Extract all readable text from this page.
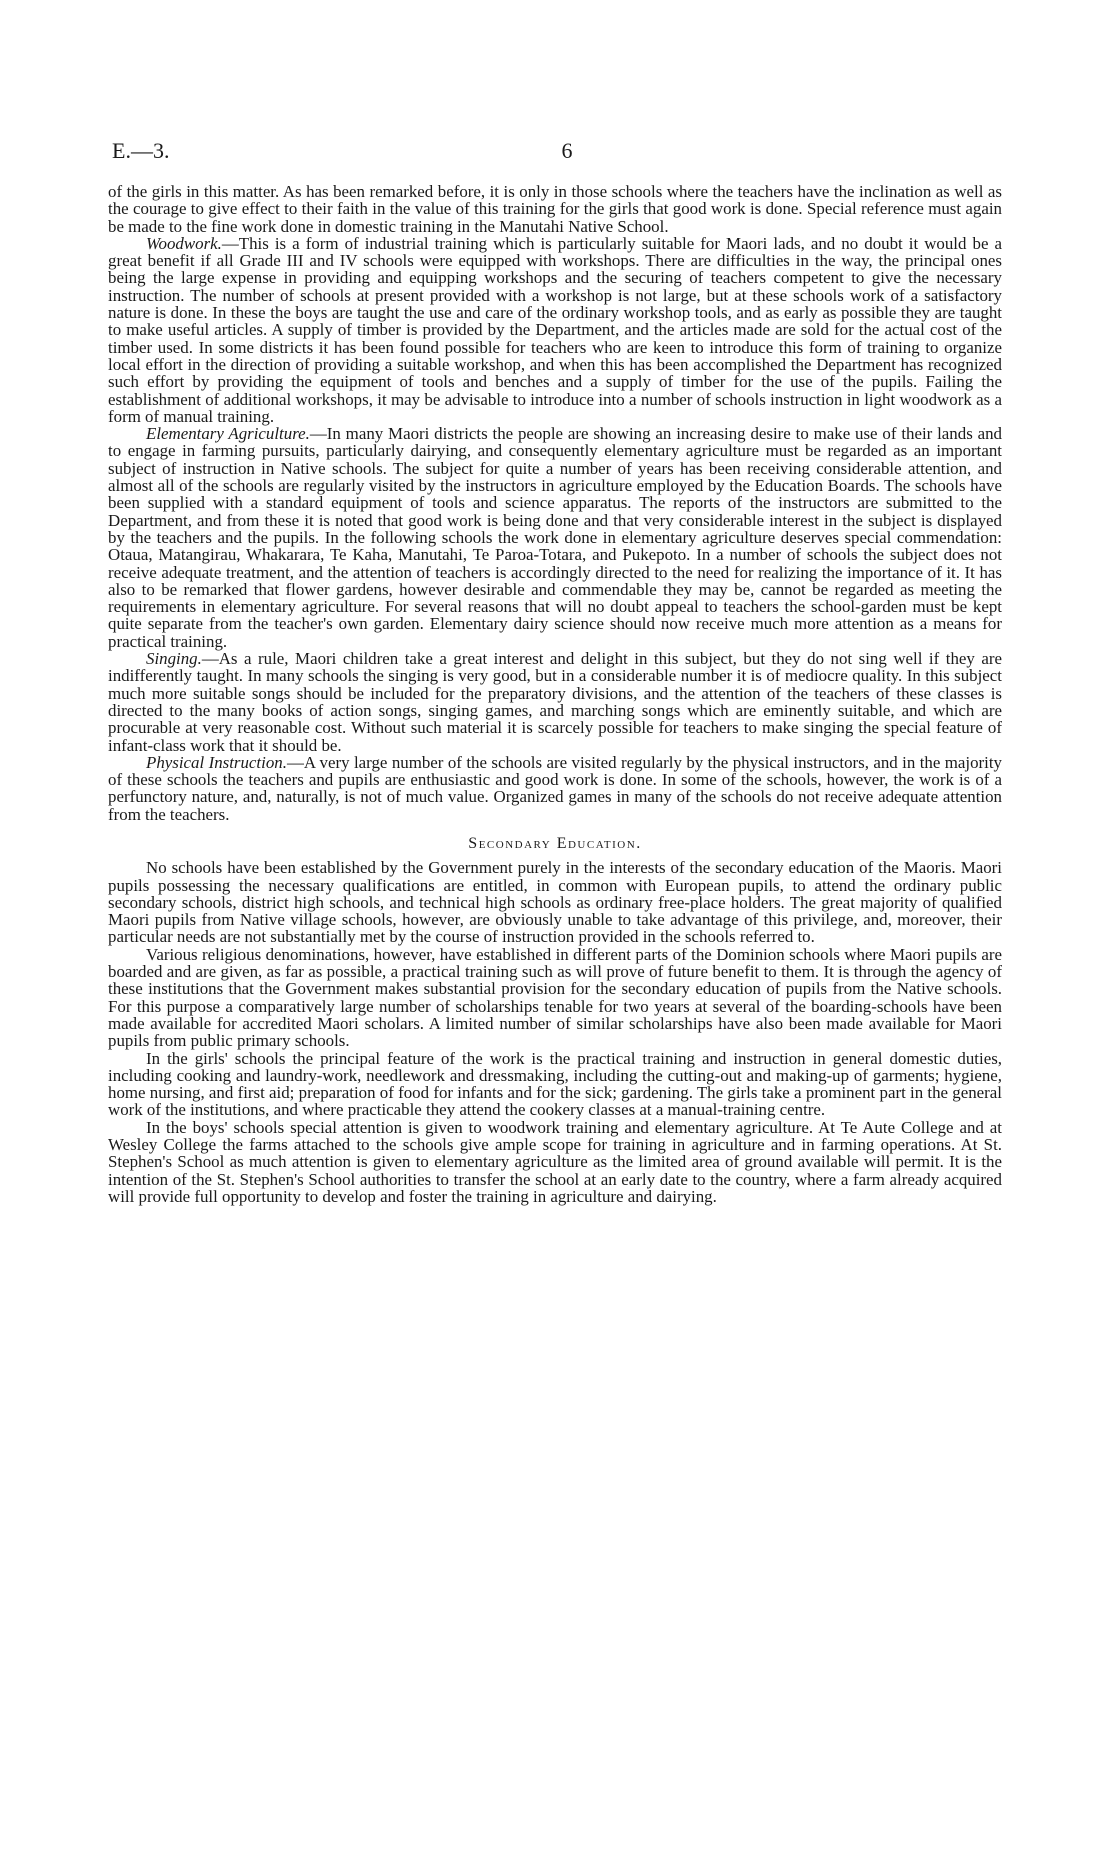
E.—3.	6

of the girls in this matter. As has been remarked before, it is only in those schools where the teachers have the inclination as well as the courage to give effect to their faith in the value of this training for the girls that good work is done. Special reference must again be made to the fine work done in domestic training in the Manutahi Native School.

Woodwork.—This is a form of industrial training which is particularly suitable for Maori lads, and no doubt it would be a great benefit if all Grade III and IV schools were equipped with workshops. There are difficulties in the way, the principal ones being the large expense in providing and equipping workshops and the securing of teachers competent to give the necessary instruction. The number of schools at present provided with a workshop is not large, but at these schools work of a satisfactory nature is done. In these the boys are taught the use and care of the ordinary workshop tools, and as early as possible they are taught to make useful articles. A supply of timber is provided by the Department, and the articles made are sold for the actual cost of the timber used. In some districts it has been found possible for teachers who are keen to introduce this form of training to organize local effort in the direction of providing a suitable workshop, and when this has been accomplished the Department has recognized such effort by providing the equipment of tools and benches and a supply of timber for the use of the pupils. Failing the establishment of additional workshops, it may be advisable to introduce into a number of schools instruction in light woodwork as a form of manual training.

Elementary Agriculture.—In many Maori districts the people are showing an increasing desire to make use of their lands and to engage in farming pursuits, particularly dairying, and consequently elementary agriculture must be regarded as an important subject of instruction in Native schools. The subject for quite a number of years has been receiving considerable attention, and almost all of the schools are regularly visited by the instructors in agriculture employed by the Education Boards. The schools have been supplied with a standard equipment of tools and science apparatus. The reports of the instructors are submitted to the Department, and from these it is noted that good work is being done and that very considerable interest in the subject is displayed by the teachers and the pupils. In the following schools the work done in elementary agriculture deserves special commendation: Otaua, Matangirau, Whakarara, Te Kaha, Manutahi, Te Paroa-Totara, and Pukepoto. In a number of schools the subject does not receive adequate treatment, and the attention of teachers is accordingly directed to the need for realizing the importance of it. It has also to be remarked that flower gardens, however desirable and commendable they may be, cannot be regarded as meeting the requirements in elementary agriculture. For several reasons that will no doubt appeal to teachers the school-garden must be kept quite separate from the teacher's own garden. Elementary dairy science should now receive much more attention as a means for practical training.

Singing.—As a rule, Maori children take a great interest and delight in this subject, but they do not sing well if they are indifferently taught. In many schools the singing is very good, but in a considerable number it is of mediocre quality. In this subject much more suitable songs should be included for the preparatory divisions, and the attention of the teachers of these classes is directed to the many books of action songs, singing games, and marching songs which are eminently suitable, and which are procurable at very reasonable cost. Without such material it is scarcely possible for teachers to make singing the special feature of infant-class work that it should be.

Physical Instruction.—A very large number of the schools are visited regularly by the physical instructors, and in the majority of these schools the teachers and pupils are enthusiastic and good work is done. In some of the schools, however, the work is of a perfunctory nature, and, naturally, is not of much value. Organized games in many of the schools do not receive adequate attention from the teachers.

Secondary Education.

No schools have been established by the Government purely in the interests of the secondary education of the Maoris. Maori pupils possessing the necessary qualifications are entitled, in common with European pupils, to attend the ordinary public secondary schools, district high schools, and technical high schools as ordinary free-place holders. The great majority of qualified Maori pupils from Native village schools, however, are obviously unable to take advantage of this privilege, and, moreover, their particular needs are not substantially met by the course of instruction provided in the schools referred to.

Various religious denominations, however, have established in different parts of the Dominion schools where Maori pupils are boarded and are given, as far as possible, a practical training such as will prove of future benefit to them. It is through the agency of these institutions that the Government makes substantial provision for the secondary education of pupils from the Native schools. For this purpose a comparatively large number of scholarships tenable for two years at several of the boarding-schools have been made available for accredited Maori scholars. A limited number of similar scholarships have also been made available for Maori pupils from public primary schools.

In the girls' schools the principal feature of the work is the practical training and instruction in general domestic duties, including cooking and laundry-work, needlework and dressmaking, including the cutting-out and making-up of garments; hygiene, home nursing, and first aid; preparation of food for infants and for the sick; gardening. The girls take a prominent part in the general work of the institutions, and where practicable they attend the cookery classes at a manual-training centre.

In the boys' schools special attention is given to woodwork training and elementary agriculture. At Te Aute College and at Wesley College the farms attached to the schools give ample scope for training in agriculture and in farming operations. At St. Stephen's School as much attention is given to elementary agriculture as the limited area of ground available will permit. It is the intention of the St. Stephen's School authorities to transfer the school at an early date to the country, where a farm already acquired will provide full opportunity to develop and foster the training in agriculture and dairying.
